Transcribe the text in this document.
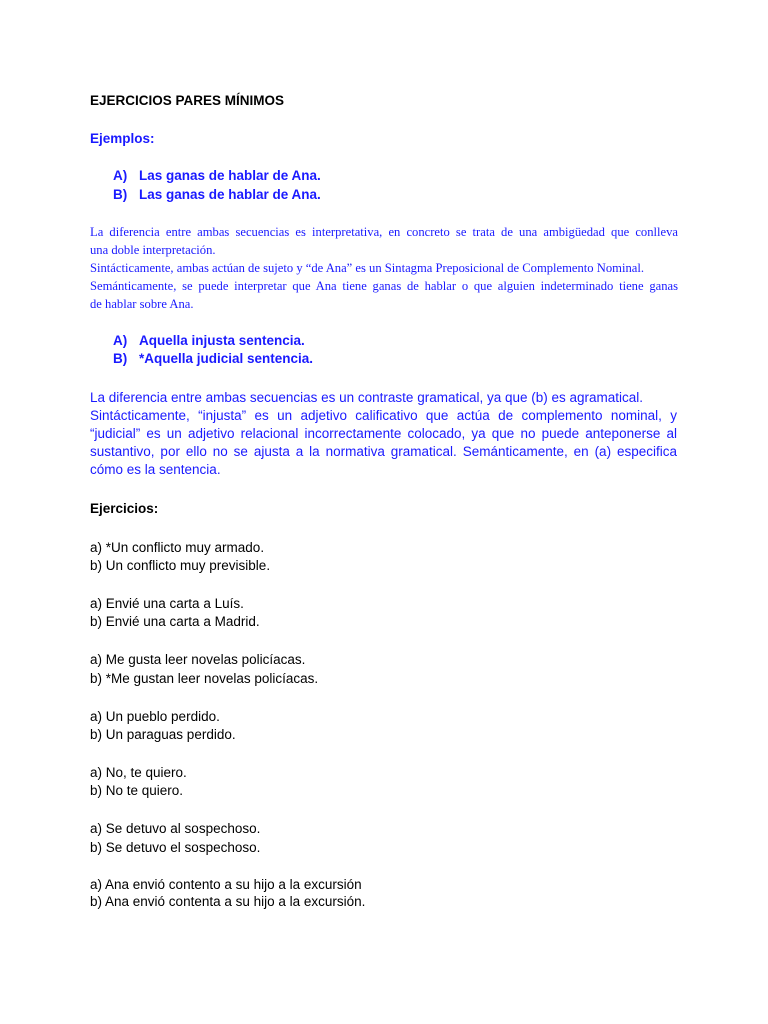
EJERCICIOS PARES MÍNIMOS

Ejemplos:

A) Las ganas de hablar de Ana.

B) Las ganas de hablar de Ana.

La diferencia entre ambas secuencias es interpretativa, en concreto se trata de una ambigüedad que conlleva
una doble interpretación.
Sintácticamente, ambas actúan de sujeto y “de Ana” es un Sintagma Preposicional de Complemento Nominal.
Semánticamente, se puede interpretar que Ana tiene ganas de hablar o que alguien indeterminado tiene ganas
de hablar sobre Ana.

A) Aquella injusta sentencia.

B) *Aquella judicial sentencia.

La diferencia entre ambas secuencias es un contraste gramatical, ya que (b) es agramatical.
Sintácticamente, “injusta” es un adjetivo calificativo que actúa de complemento nominal, y
“judicial” es un adjetivo relacional incorrectamente colocado, ya que no puede anteponerse al
sustantivo, por ello no se ajusta a la normativa gramatical. Semánticamente, en (a) especifica
cómo es la sentencia.

Ejercicios:

a) *Un conflicto muy armado.

b) Un conflicto muy previsible.

a) Envié una carta a Luís.

b) Envié una carta a Madrid.

a) Me gusta leer novelas policíacas.

b) *Me gustan leer novelas policíacas.

a) Un pueblo perdido.

b) Un paraguas perdido.

a) No, te quiero.

b) No te quiero.

a) Se detuvo al sospechoso.

b) Se detuvo el sospechoso.

a) Ana envió contento a su hijo a la excursión

b) Ana envió contenta a su hijo a la excursión.
